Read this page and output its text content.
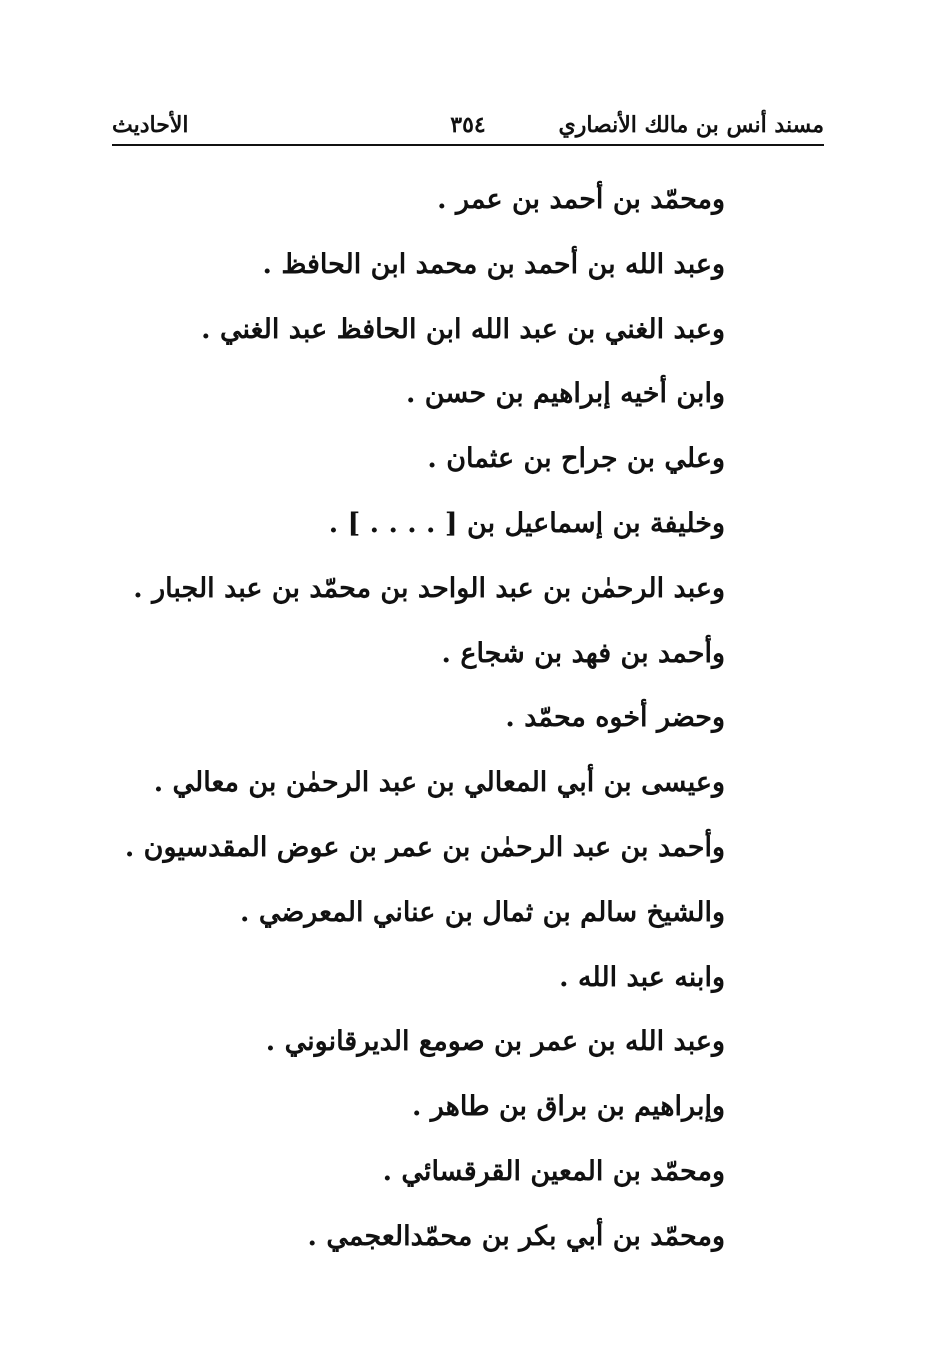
مسند أنس بن مالك الأنصاري
٣٥٤
الأحاديث
ومحمّد بن أحمد بن عمر .
وعبد الله بن أحمد بن محمد ابن الحافظ .
وعبد الغني بن عبد الله ابن الحافظ عبد الغني .
وابن أخيه إبراهيم بن حسن .
وعلي بن جراح بن عثمان .
وخليفة بن إسماعيل بن [ . . . . ] .
وعبد الرحمٰن بن عبد الواحد بن محمّد بن عبد الجبار .
وأحمد بن فهد بن شجاع .
وحضر أخوه محمّد .
وعيسى بن أبي المعالي بن عبد الرحمٰن بن معالي .
وأحمد بن عبد الرحمٰن بن عمر بن عوض المقدسيون .
والشيخ سالم بن ثمال بن عناني المعرضي .
وابنه عبد الله .
وعبد الله بن عمر بن صومع الديرقانوني .
وإبراهيم بن براق بن طاهر .
ومحمّد بن المعين القرقسائي .
ومحمّد بن أبي بكر بن محمّدالعجمي .
